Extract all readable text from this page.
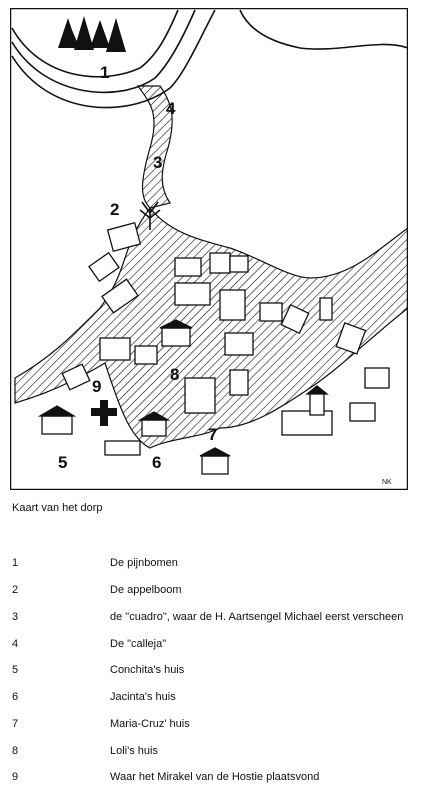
1
2
3
4
5	6
7
8
9
NK
Kaart van het dorp
1	De pijnbomen
2	De appelboom
3	de "cuadro", waar de H. Aartsengel Michael eerst verscheen
4	De "calleja"
5	Conchita's huis
6	Jacinta's huis
7	Maria-Cruz' huis
8	Loli's huis
9	Waar het Mirakel van de Hostie plaatsvond
